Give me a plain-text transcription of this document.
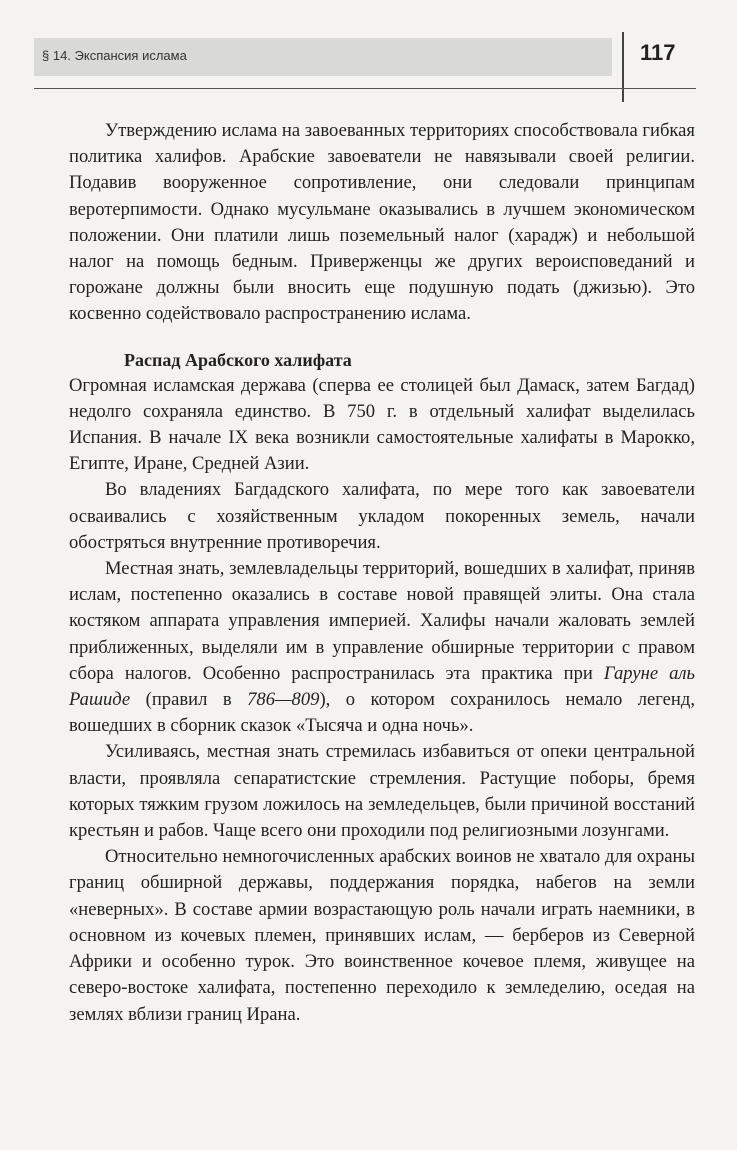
§ 14. Экспансия ислама	117

Утверждению ислама на завоеванных территориях способствовала гибкая политика халифов. Арабские завоеватели не навязывали своей религии. Подавив вооруженное сопротивление, они следовали принципам веротерпимости. Однако мусульмане оказывались в лучшем экономическом положении. Они платили лишь поземельный налог (харадж) и небольшой налог на помощь бедным. Приверженцы же других вероисповеданий и горожане должны были вносить еще подушную подать (джизью). Это косвенно содействовало распространению ислама.

Распад Арабского халифата

Огромная исламская держава (сперва ее столицей был Дамаск, затем Багдад) недолго сохраняла единство. В 750 г. в отдельный халифат выделилась Испания. В начале IX века возникли самостоятельные халифаты в Марокко, Египте, Иране, Средней Азии.

Во владениях Багдадского халифата, по мере того как завоеватели осваивались с хозяйственным укладом покоренных земель, начали обостряться внутренние противоречия.

Местная знать, землевладельцы территорий, вошедших в халифат, приняв ислам, постепенно оказались в составе новой правящей элиты. Она стала костяком аппарата управления империей. Халифы начали жаловать землей приближенных, выделяли им в управление обширные территории с правом сбора налогов. Особенно распространилась эта практика при Гаруне аль Рашиде (правил в 786—809), о котором сохранилось немало легенд, вошедших в сборник сказок «Тысяча и одна ночь».

Усиливаясь, местная знать стремилась избавиться от опеки центральной власти, проявляла сепаратистские стремления. Растущие поборы, бремя которых тяжким грузом ложилось на земледельцев, были причиной восстаний крестьян и рабов. Чаще всего они проходили под религиозными лозунгами.

Относительно немногочисленных арабских воинов не хватало для охраны границ обширной державы, поддержания порядка, набегов на земли «неверных». В составе армии возрастающую роль начали играть наемники, в основном из кочевых племен, принявших ислам, — берберов из Северной Африки и особенно турок. Это воинственное кочевое племя, живущее на северо-востоке халифата, постепенно переходило к земледелию, оседая на землях вблизи границ Ирана.
